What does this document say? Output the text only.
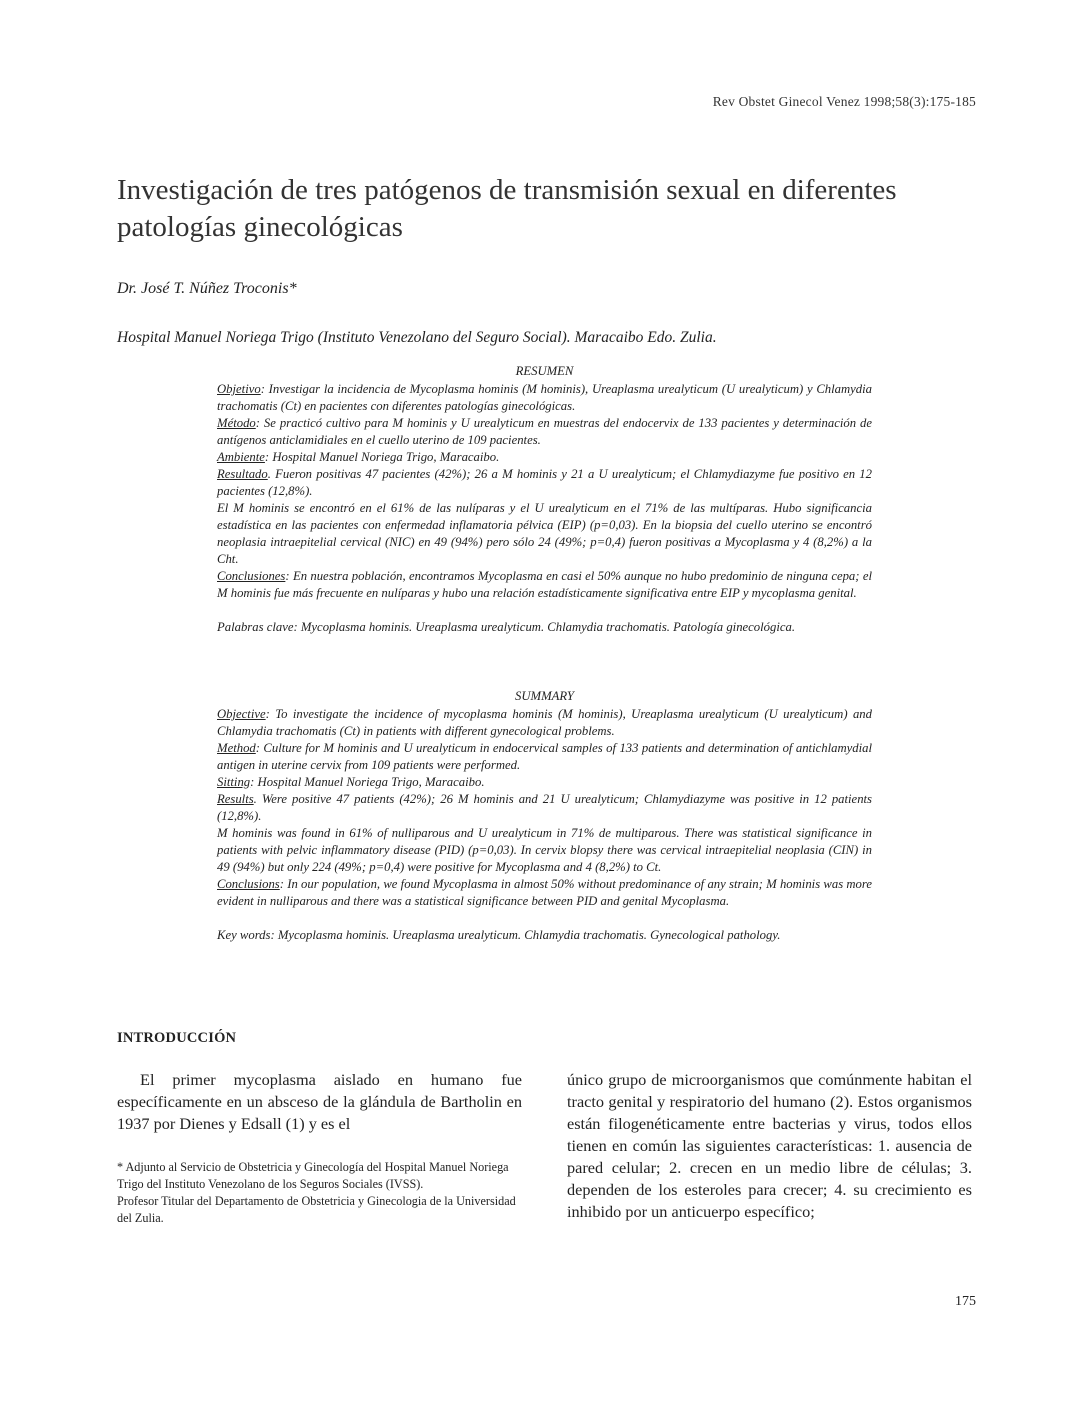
Rev Obstet Ginecol Venez 1998;58(3):175-185
Investigación de tres patógenos de transmisión sexual en diferentes patologías ginecológicas
Dr. José T. Núñez Troconis*
Hospital Manuel Noriega Trigo (Instituto Venezolano del Seguro Social). Maracaibo Edo. Zulia.

RESUMEN

Objetivo: Investigar la incidencia de Mycoplasma hominis (M hominis), Ureaplasma urealyticum (U urealyticum) y Chlamydia trachomatis (Ct) en pacientes con diferentes patologías ginecológicas.

Método: Se practicó cultivo para M hominis y U urealyticum en muestras del endocervix de 133 pacientes y determinación de antígenos anticlamidiales en el cuello uterino de 109 pacientes.

Ambiente: Hospital Manuel Noriega Trigo, Maracaibo.

Resultado. Fueron positivas 47 pacientes (42%); 26 a M hominis y 21 a U urealyticum; el Chlamydiazyme fue positivo en 12 pacientes (12,8%).

El M hominis se encontró en el 61% de las nulíparas y el U urealyticum en el 71% de las multíparas. Hubo significancia estadística en las pacientes con enfermedad inflamatoria pélvica (EIP) (p=0,03). En la biopsia del cuello uterino se encontró neoplasia intraepitelial cervical (NIC) en 49 (94%) pero sólo 24 (49%; p=0,4) fueron positivas a Mycoplasma y 4 (8,2%) a la Cht.

Conclusiones: En nuestra población, encontramos Mycoplasma en casi el 50% aunque no hubo predominio de ninguna cepa; el M hominis fue más frecuente en nulíparas y hubo una relación estadísticamente significativa entre EIP y mycoplasma genital.

Palabras clave: Mycoplasma hominis. Ureaplasma urealyticum. Chlamydia trachomatis. Patología ginecológica.

SUMMARY

Objective: To investigate the incidence of mycoplasma hominis (M hominis), Ureaplasma urealyticum (U urealyticum) and Chlamydia trachomatis (Ct) in patients with different gynecological problems.

Method: Culture for M hominis and U urealyticum in endocervical samples of 133 patients and determination of antichlamydial antigen in uterine cervix from 109 patients were performed.

Sitting: Hospital Manuel Noriega Trigo, Maracaibo.

Results. Were positive 47 patients (42%); 26 M hominis and 21 U urealyticum; Chlamydiazyme was positive in 12 patients (12,8%).

M hominis was found in 61% of nulliparous and U urealyticum in 71% de multiparous. There was statistical significance in patients with pelvic inflammatory disease (PID) (p=0,03). In cervix blopsy there was cervical intraepitelial neoplasia (CIN) in 49 (94%) but only 224 (49%; p=0,4) were positive for Mycoplasma and 4 (8,2%) to Ct.

Conclusions: In our population, we found Mycoplasma in almost 50% without predominance of any strain; M hominis was more evident in nulliparous and there was a statistical significance between PID and genital Mycoplasma.

Key words: Mycoplasma hominis. Ureaplasma urealyticum. Chlamydia trachomatis. Gynecological pathology.

INTRODUCCIÓN

El primer mycoplasma aislado en humano fue específicamente en un absceso de la glándula de Bartholin en 1937 por Dienes y Edsall (1) y es el

único grupo de microorganismos que comúnmente habitan el tracto genital y respiratorio del humano (2). Estos organismos están filogenéticamente entre bacterias y virus, todos ellos tienen en común las siguientes características: 1. ausencia de pared celular; 2. crecen en un medio libre de células; 3. dependen de los esteroles para crecer; 4. su crecimiento es inhibido por un anticuerpo específico;

* Adjunto al Servicio de Obstetricia y Ginecología del Hospital Manuel Noriega Trigo del Instituto Venezolano de los Seguros Sociales (IVSS).

Profesor Titular del Departamento de Obstetricia y Ginecologia de la Universidad del Zulia.

175
